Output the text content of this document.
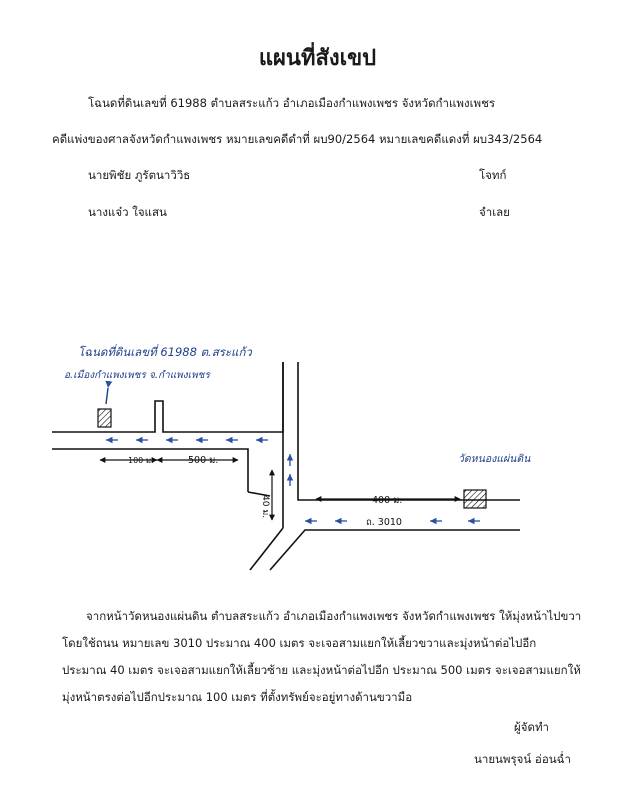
แผนที่สังเขป
โฉนดที่ดินเลขที่ 61988 ตำบลสระแก้ว อำเภอเมืองกำแพงเพชร จังหวัดกำแพงเพชร
คดีแพ่งของศาลจังหวัดกำแพงเพชร หมายเลขคดีดำที่ ผบ90/2564 หมายเลขคดีแดงที่ ผบ343/2564
นายพิชัย ภูรัตนาวิวิธ	โจทก์
นางแจ๋ว ใจแสน	จำเลย
โฉนดที่ดินเลขที่ 61988 ต.สระแก้ว
อ.เมืองกำแพงเพชร จ.กำแพงเพชร
วัดหนองแผ่นดิน
100 ม.	500 ม.
40 ม.	400 ม.
ถ. 3010
จากหน้าวัดหนองแผ่นดิน ตำบลสระแก้ว อำเภอเมืองกำแพงเพชร จังหวัดกำแพงเพชร ให้มุ่งหน้าไปขวาโดยใช้ถนน หมายเลข 3010 ประมาณ 400 เมตร จะเจอสามแยกให้เลี้ยวขวาและมุ่งหน้าต่อไปอีก ประมาณ 40 เมตร จะเจอสามแยกให้เลี้ยวซ้าย และมุ่งหน้าต่อไปอีก ประมาณ 500 เมตร จะเจอสามแยกให้มุ่งหน้าตรงต่อไปอีกประมาณ 100 เมตร ที่ตั้งทรัพย์จะอยู่ทางด้านขวามือ
ผู้จัดทำ
นายนพรุจน์ อ่อนฉ่ำ
